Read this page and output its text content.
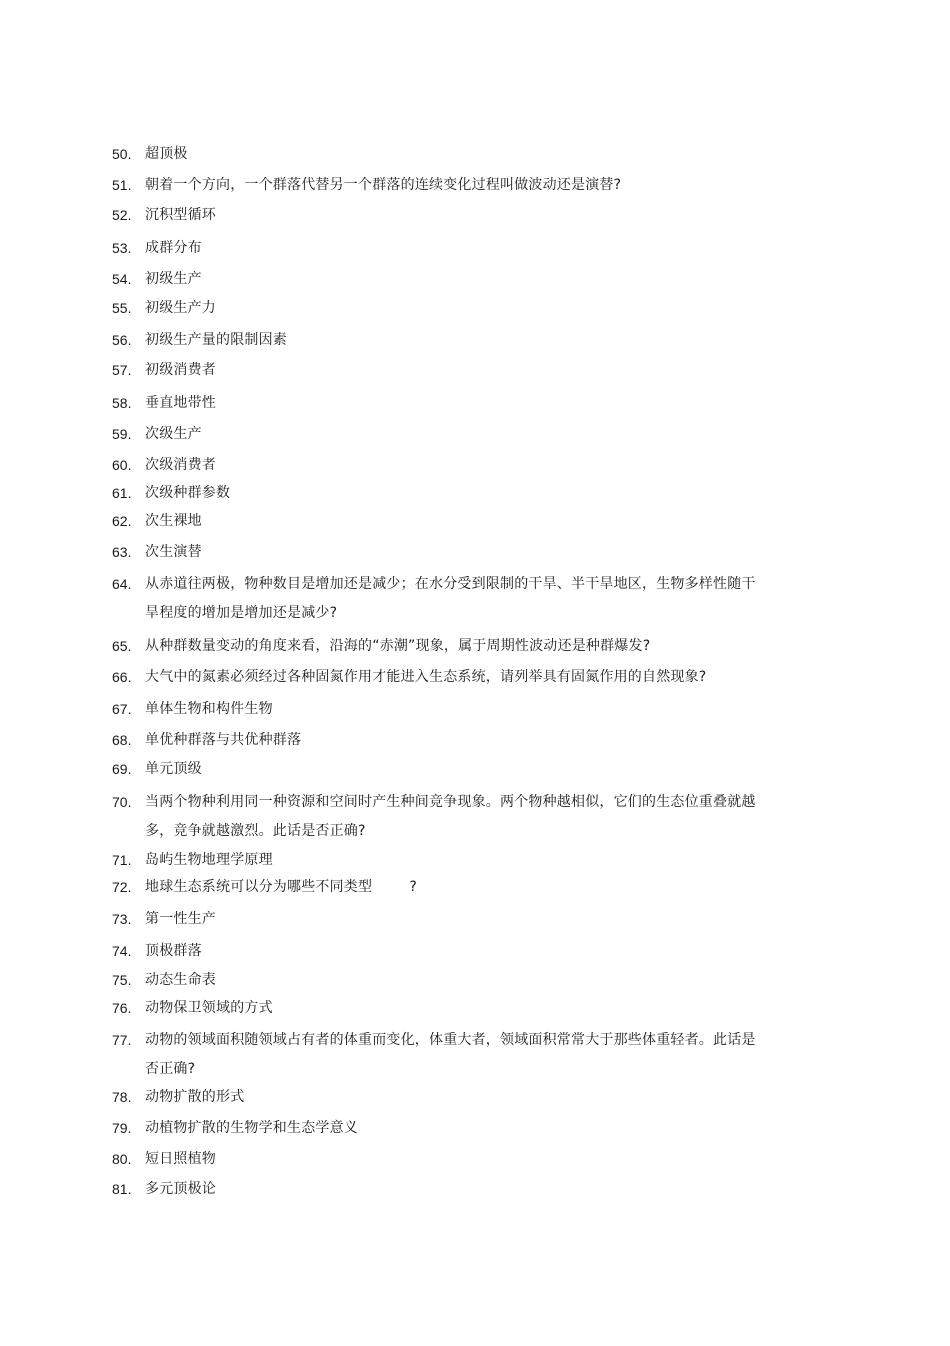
50. 超顶极
51. 朝着一个方向，一个群落代替另一个群落的连续变化过程叫做波动还是演替?
52. 沉积型循环
53. 成群分布
54. 初级生产
55. 初级生产力
56. 初级生产量的限制因素
57. 初级消费者
58. 垂直地带性
59. 次级生产
60. 次级消费者
61. 次级种群参数
62. 次生裸地
63. 次生演替
64. 从赤道往两极，物种数目是增加还是减少；在水分受到限制的干旱、半干旱地区，生物多样性随干旱程度的增加是增加还是减少?
65. 从种群数量变动的角度来看，沿海的“赤潮”现象，属于周期性波动还是种群爆发?
66. 大气中的氮素必须经过各种固氮作用才能进入生态系统，请列举具有固氮作用的自然现象?
67. 单体生物和构件生物
68. 单优种群落与共优种群落
69. 单元顶级
70. 当两个物种利用同一种资源和空间时产生种间竞争现象。两个物种越相似，它们的生态位重叠就越多，竞争就越激烈。此话是否正确?
71. 岛屿生物地理学原理
72. 地球生态系统可以分为哪些不同类型        ?
73. 第一性生产
74. 顶极群落
75. 动态生命表
76. 动物保卫领域的方式
77. 动物的领域面积随领域占有者的体重而变化，体重大者，领域面积常常大于那些体重轻者。此话是否正确?
78. 动物扩散的形式
79. 动植物扩散的生物学和生态学意义
80. 短日照植物
81. 多元顶极论
